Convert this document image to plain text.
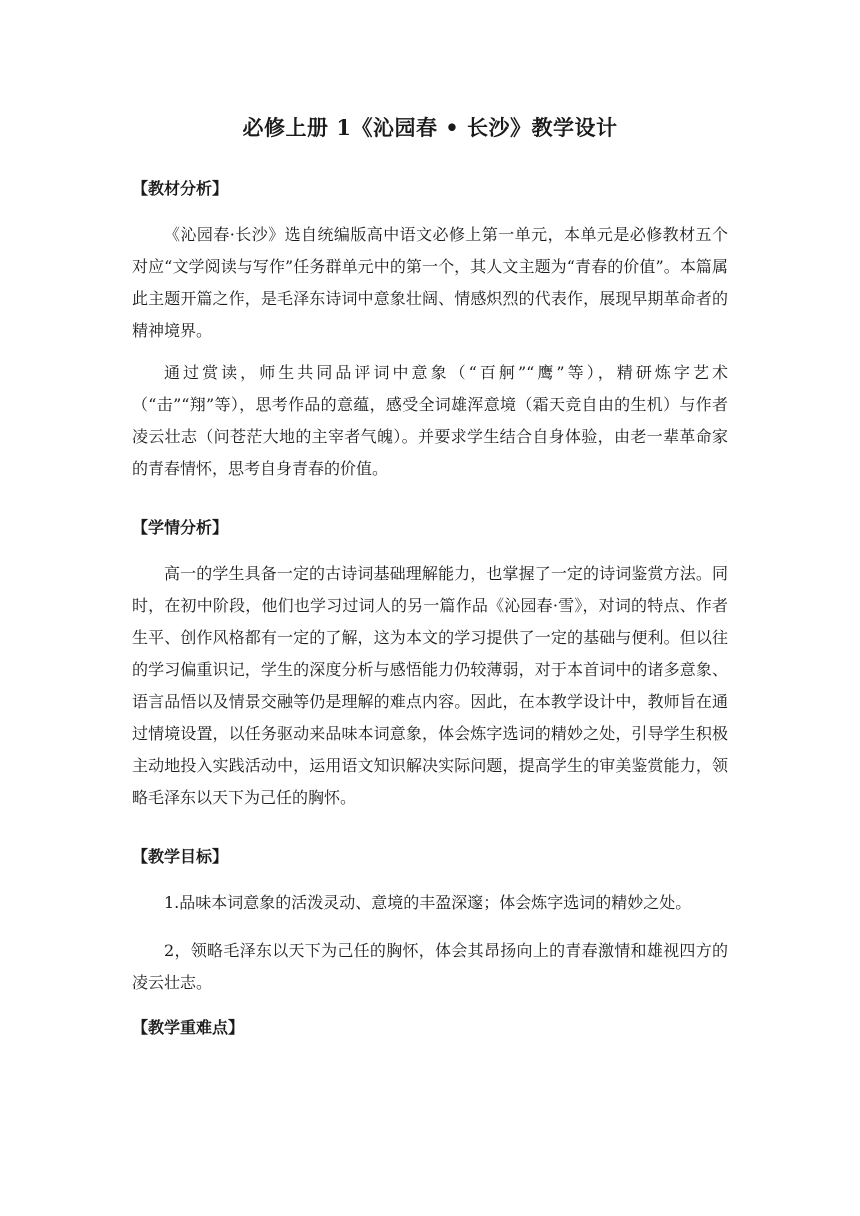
必修上册 1《沁园春 • 长沙》教学设计
【教材分析】

《沁园春·长沙》选自统编版高中语文必修上第一单元，本单元是必修教材五个对应“文学阅读与写作”任务群单元中的第一个，其人文主题为“青春的价值”。本篇属此主题开篇之作，是毛泽东诗词中意象壮阔、情感炽烈的代表作，展现早期革命者的精神境界。

通过赏读，师生共同品评词中意象（“百舸”“鹰”等），精研炼字艺术（“击”“翔”等），思考作品的意蕴，感受全词雄浑意境（霜天竞自由的生机）与作者凌云壮志（问苍茫大地的主宰者气魄）。并要求学生结合自身体验，由老一辈革命家的青春情怀，思考自身青春的价值。

【学情分析】

高一的学生具备一定的古诗词基础理解能力，也掌握了一定的诗词鉴赏方法。同时，在初中阶段，他们也学习过词人的另一篇作品《沁园春·雪》，对词的特点、作者生平、创作风格都有一定的了解，这为本文的学习提供了一定的基础与便利。但以往的学习偏重识记，学生的深度分析与感悟能力仍较薄弱，对于本首词中的诸多意象、语言品悟以及情景交融等仍是理解的难点内容。因此，在本教学设计中，教师旨在通过情境设置，以任务驱动来品味本词意象，体会炼字选词的精妙之处，引导学生积极主动地投入实践活动中，运用语文知识解决实际问题，提高学生的审美鉴赏能力，领略毛泽东以天下为己任的胸怀。

【教学目标】

1.品味本词意象的活泼灵动、意境的丰盈深邃；体会炼字选词的精妙之处。

2，领略毛泽东以天下为己任的胸怀，体会其昂扬向上的青春激情和雄视四方的凌云壮志。

【教学重难点】
